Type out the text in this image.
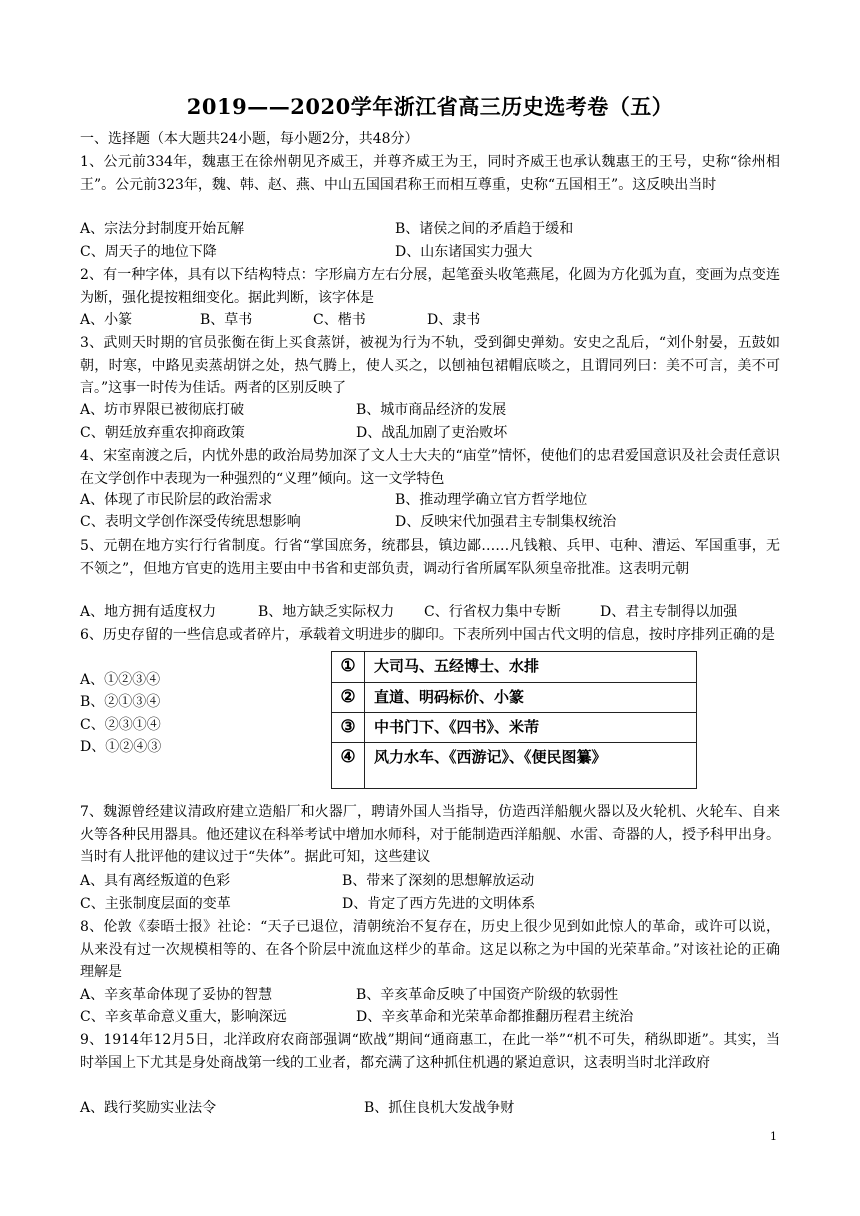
2019——2020学年浙江省高三历史选考卷（五）
一、选择题（本大题共24小题，每小题2分，共48分）
1、公元前334年，魏惠王在徐州朝见齐威王，并尊齐威王为王，同时齐威王也承认魏惠王的王号，史称“徐州相王”。公元前323年，魏、韩、赵、燕、中山五国国君称王而相互尊重，史称“五国相王”。这反映出当时
A、宗法分封制度开始瓦解	B、诸侯之间的矛盾趋于缓和
C、周天子的地位下降	D、山东诸国实力强大
2、有一种字体，具有以下结构特点：字形扁方左右分展，起笔蚕头收笔燕尾，化圆为方化弧为直，变画为点变连为断，强化提按粗细变化。据此判断，该字体是
A、小篆	B、草书	C、楷书	D、隶书
3、武则天时期的官员张衡在街上买食蒸饼，被视为行为不轨，受到御史弹劾。安史之乱后，“刘仆射晏，五鼓如朝，时寒，中路见卖蒸胡饼之处，热气腾上，使人买之，以刨袖包裙帽底啖之，且谓同列曰：美不可言，美不可言。”这事一时传为佳话。两者的区别反映了
A、坊市界限已被彻底打破	B、城市商品经济的发展
C、朝廷放弃重农抑商政策	D、战乱加剧了吏治败坏
4、宋室南渡之后，内忧外患的政治局势加深了文人士大夫的“庙堂”情怀，使他们的忠君爱国意识及社会责任意识在文学创作中表现为一种强烈的“义理”倾向。这一文学特色
A、体现了市民阶层的政治需求	B、推动理学确立官方哲学地位
C、表明文学创作深受传统思想影响	D、反映宋代加强君主专制集权统治
5、元朝在地方实行行省制度。行省“掌国庶务，统郡县，镇边鄙……凡钱粮、兵甲、屯种、漕运、军国重事，无不领之”，但地方官吏的选用主要由中书省和吏部负责，调动行省所属军队须皇帝批准。这表明元朝
A、地方拥有适度权力	B、地方缺乏实际权力 C、行省权力集中专断	D、君主专制得以加强
6、历史存留的一些信息或者碎片，承载着文明进步的脚印。下表所列中国古代文明的信息，按时序排列正确的是
A、①②③④
B、②①③④
C、②③①④
D、①②④③
①	大司马、五经博士、水排
②	直道、明码标价、小篆
③	中书门下、《四书》、米芾
④	风力水车、《西游记》、《便民图纂》
7、魏源曾经建议清政府建立造船厂和火器厂，聘请外国人当指导，仿造西洋船舰火器以及火轮机、火轮车、自来火等各种民用器具。他还建议在科举考试中增加水师科，对于能制造西洋船舰、水雷、奇器的人，授予科甲出身。当时有人批评他的建议过于“失体”。据此可知，这些建议
A、具有离经叛道的色彩	B、带来了深刻的思想解放运动
C、主张制度层面的变革	D、肯定了西方先进的文明体系
8、伦敦《泰晤士报》社论：“天子已退位，清朝统治不复存在，历史上很少见到如此惊人的革命，或许可以说，从来没有过一次规模相等的、在各个阶层中流血这样少的革命。这足以称之为中国的光荣革命。”对该社论的正确理解是
A、辛亥革命体现了妥协的智慧	B、辛亥革命反映了中国资产阶级的软弱性
C、辛亥革命意义重大，影响深远	D、辛亥革命和光荣革命都推翻历程君主统治
9、1914年12月5日，北洋政府农商部强调“欧战”期间“通商惠工，在此一举”“机不可失，稍纵即逝”。其实，当时举国上下尤其是身处商战第一线的工业者，都充满了这种抓住机遇的紧迫意识，这表明当时北洋政府
A、践行奖励实业法令	B、抓住良机大发战争财
1
